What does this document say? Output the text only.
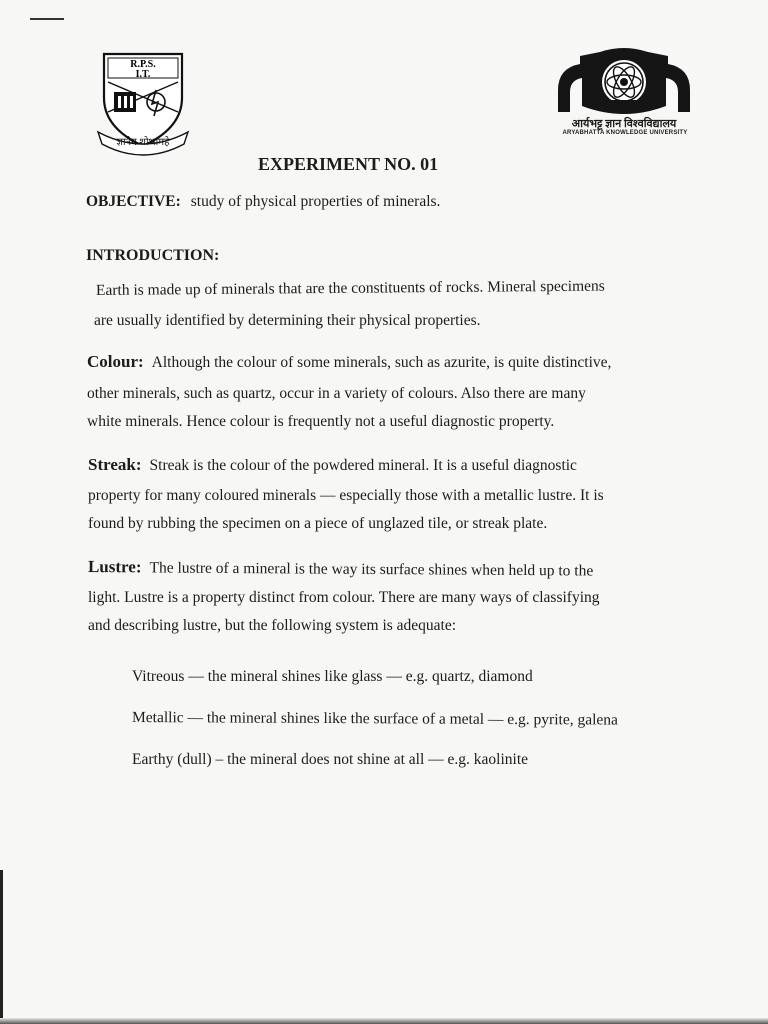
R.P.S.
I.T.
ज्ञानेन शोभामहे
आर्यभट्ट ज्ञान विश्वविद्यालय
ARYABHATTA KNOWLEDGE UNIVERSITY
EXPERIMENT NO. 01
OBJECTIVE: study of physical properties of minerals.
INTRODUCTION:
Earth is made up of minerals that are the constituents of rocks. Mineral specimens
are usually identified by determining their physical properties.
Colour: Although the colour of some minerals, such as azurite, is quite distinctive,
other minerals, such as quartz, occur in a variety of colours. Also there are many
white minerals. Hence colour is frequently not a useful diagnostic property.
Streak: Streak is the colour of the powdered mineral. It is a useful diagnostic
property for many coloured minerals — especially those with a metallic lustre. It is
found by rubbing the specimen on a piece of unglazed tile, or streak plate.
Lustre: The lustre of a mineral is the way its surface shines when held up to the
light. Lustre is a property distinct from colour. There are many ways of classifying
and describing lustre, but the following system is adequate:
Vitreous — the mineral shines like glass — e.g. quartz, diamond
Metallic — the mineral shines like the surface of a metal — e.g. pyrite, galena
Earthy (dull) – the mineral does not shine at all — e.g. kaolinite
